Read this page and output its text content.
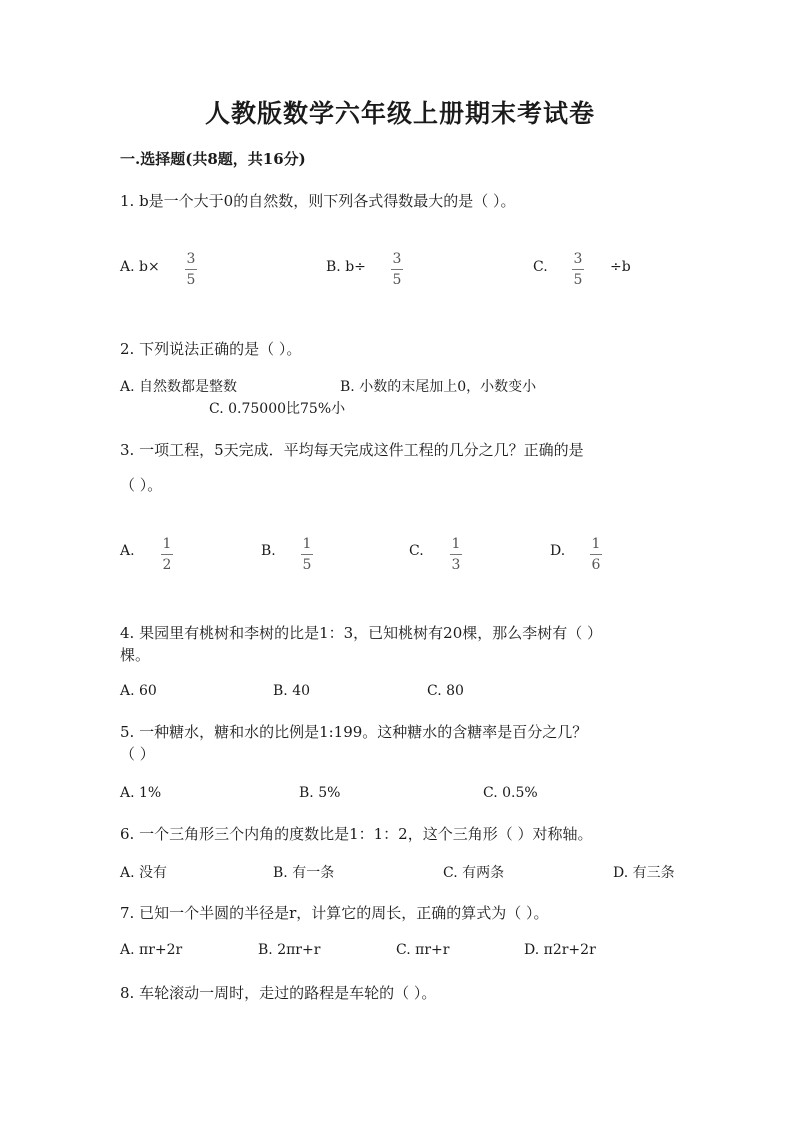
人教版数学六年级上册期末考试卷
一.选择题(共8题，共16分)
1. b是一个大于0的自然数，则下列各式得数最大的是（ ）。
A. b× 3
5
B. b÷ 3
5
C. 3
5
÷b
2. 下列说法正确的是（ ）。
A. 自然数都是整数	B. 小数的末尾加上0，小数变小
C. 0.75000比75%小
3. 一项工程，5天完成．平均每天完成这件工程的几分之几？正确的是
（ ）。
A. 1
2
B. 1
5
C. 1
3
D. 1
6
4. 果园里有桃树和李树的比是1：3，已知桃树有20棵，那么李树有（ ）
棵。
A. 60	B. 40	C. 80
5. 一种糖水，糖和水的比例是1:199。这种糖水的含糖率是百分之几？
（ ）
A. 1%	B. 5%	C. 0.5%
6. 一个三角形三个内角的度数比是1：1：2，这个三角形（ ）对称轴。
A. 没有	B. 有一条	C. 有两条	D. 有三条
7. 已知一个半圆的半径是r，计算它的周长，正确的算式为（ ）。
A. πr+2r	B. 2πr+r	C. πr+r	D. π2r+2r
8. 车轮滚动一周时，走过的路程是车轮的（ ）。
